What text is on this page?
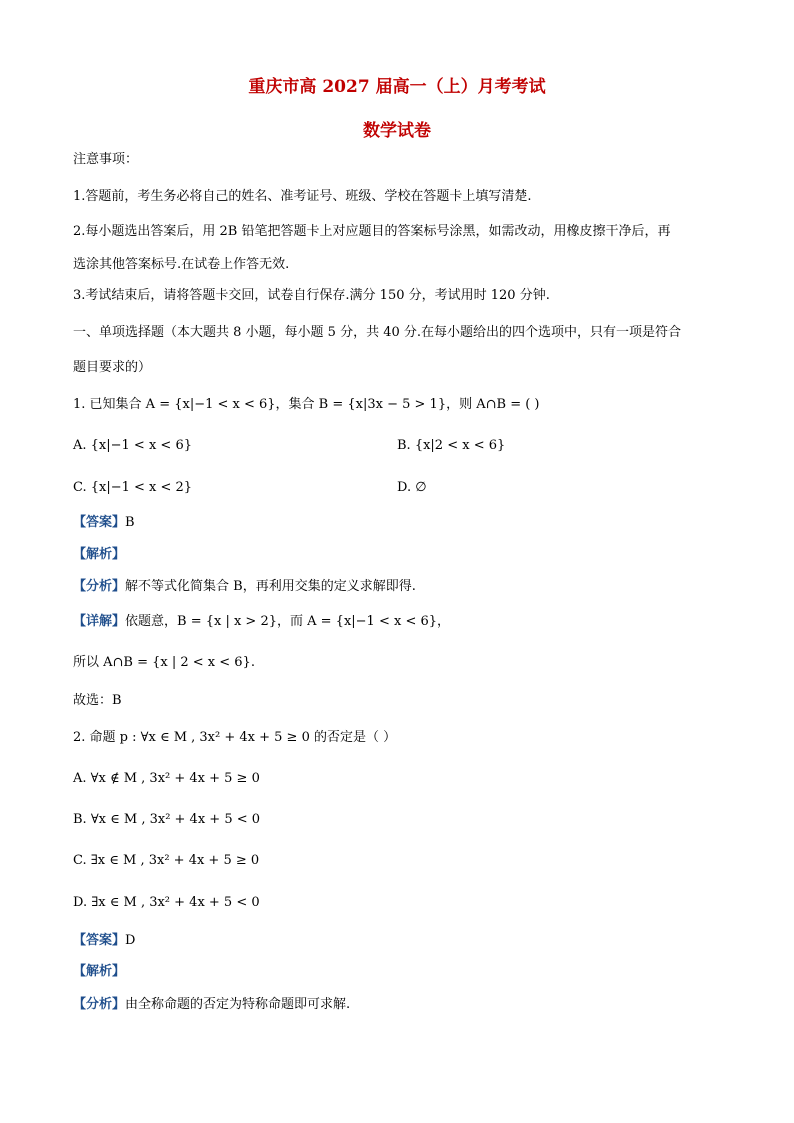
重庆市高 2027 届高一（上）月考考试
数学试卷
注意事项：
1.答题前，考生务必将自己的姓名、准考证号、班级、学校在答题卡上填写清楚.
2.每小题选出答案后，用 2B 铅笔把答题卡上对应题目的答案标号涂黑，如需改动，用橡皮擦干净后，再
选涂其他答案标号.在试卷上作答无效.
3.考试结束后，请将答题卡交回，试卷自行保存.满分 150 分，考试用时 120 分钟.
一、单项选择题（本大题共 8 小题，每小题 5 分，共 40 分.在每小题给出的四个选项中，只有一项是符合
题目要求的）
1. 已知集合 A = {x|−1 < x < 6}，集合 B = {x|3x − 5 > 1}，则 A∩B = ( )
A. {x|−1 < x < 6}	B. {x|2 < x < 6}
C. {x|−1 < x < 2}	D. ∅
【答案】B
【解析】
【分析】解不等式化简集合 B，再利用交集的定义求解即得.
【详解】依题意，B = {x | x > 2}，而 A = {x|−1 < x < 6}，
所以 A∩B = {x | 2 < x < 6}.
故选：B
2. 命题 p : ∀x ∈ M , 3x² + 4x + 5 ≥ 0 的否定是（ ）
A. ∀x ∉ M , 3x² + 4x + 5 ≥ 0
B. ∀x ∈ M , 3x² + 4x + 5 < 0
C. ∃x ∈ M , 3x² + 4x + 5 ≥ 0
D. ∃x ∈ M , 3x² + 4x + 5 < 0
【答案】D
【解析】
【分析】由全称命题的否定为特称命题即可求解.
